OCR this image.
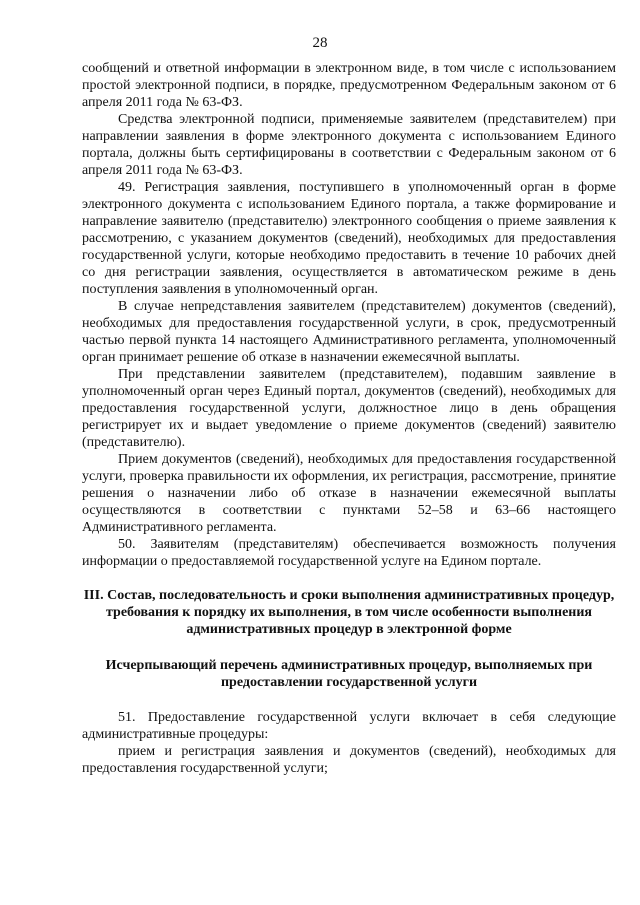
28

сообщений и ответной информации в электронном виде, в том числе с использованием простой электронной подписи, в порядке, предусмотренном Федеральным законом от 6 апреля 2011 года № 63-ФЗ.

Средства электронной подписи, применяемые заявителем (представителем) при направлении заявления в форме электронного документа с использованием Единого портала, должны быть сертифицированы в соответствии с Федеральным законом от 6 апреля 2011 года № 63-ФЗ.

49. Регистрация заявления, поступившего в уполномоченный орган в форме электронного документа с использованием Единого портала, а также формирование и направление заявителю (представителю) электронного сообщения о приеме заявления к рассмотрению, с указанием документов (сведений), необходимых для предоставления государственной услуги, которые необходимо предоставить в течение 10 рабочих дней со дня регистрации заявления, осуществляется в автоматическом режиме в день поступления заявления в уполномоченный орган.

В случае непредставления заявителем (представителем) документов (сведений), необходимых для предоставления государственной услуги, в срок, предусмотренный частью первой пункта 14 настоящего Административного регламента, уполномоченный орган принимает решение об отказе в назначении ежемесячной выплаты.

При представлении заявителем (представителем), подавшим заявление в уполномоченный орган через Единый портал, документов (сведений), необходимых для предоставления государственной услуги, должностное лицо в день обращения регистрирует их и выдает уведомление о приеме документов (сведений) заявителю (представителю).

Прием документов (сведений), необходимых для предоставления государственной услуги, проверка правильности их оформления, их регистрация, рассмотрение, принятие решения о назначении либо об отказе в назначении ежемесячной выплаты осуществляются в соответствии с пунктами 52–58 и 63–66 настоящего Административного регламента.

50. Заявителям (представителям) обеспечивается возможность получения информации о предоставляемой государственной услуге на Едином портале.

III. Состав, последовательность и сроки выполнения административных процедур, требования к порядку их выполнения, в том числе особенности выполнения административных процедур в электронной форме

Исчерпывающий перечень административных процедур, выполняемых при предоставлении государственной услуги

51. Предоставление государственной услуги включает в себя следующие административные процедуры:

прием и регистрация заявления и документов (сведений), необходимых для предоставления государственной услуги;
